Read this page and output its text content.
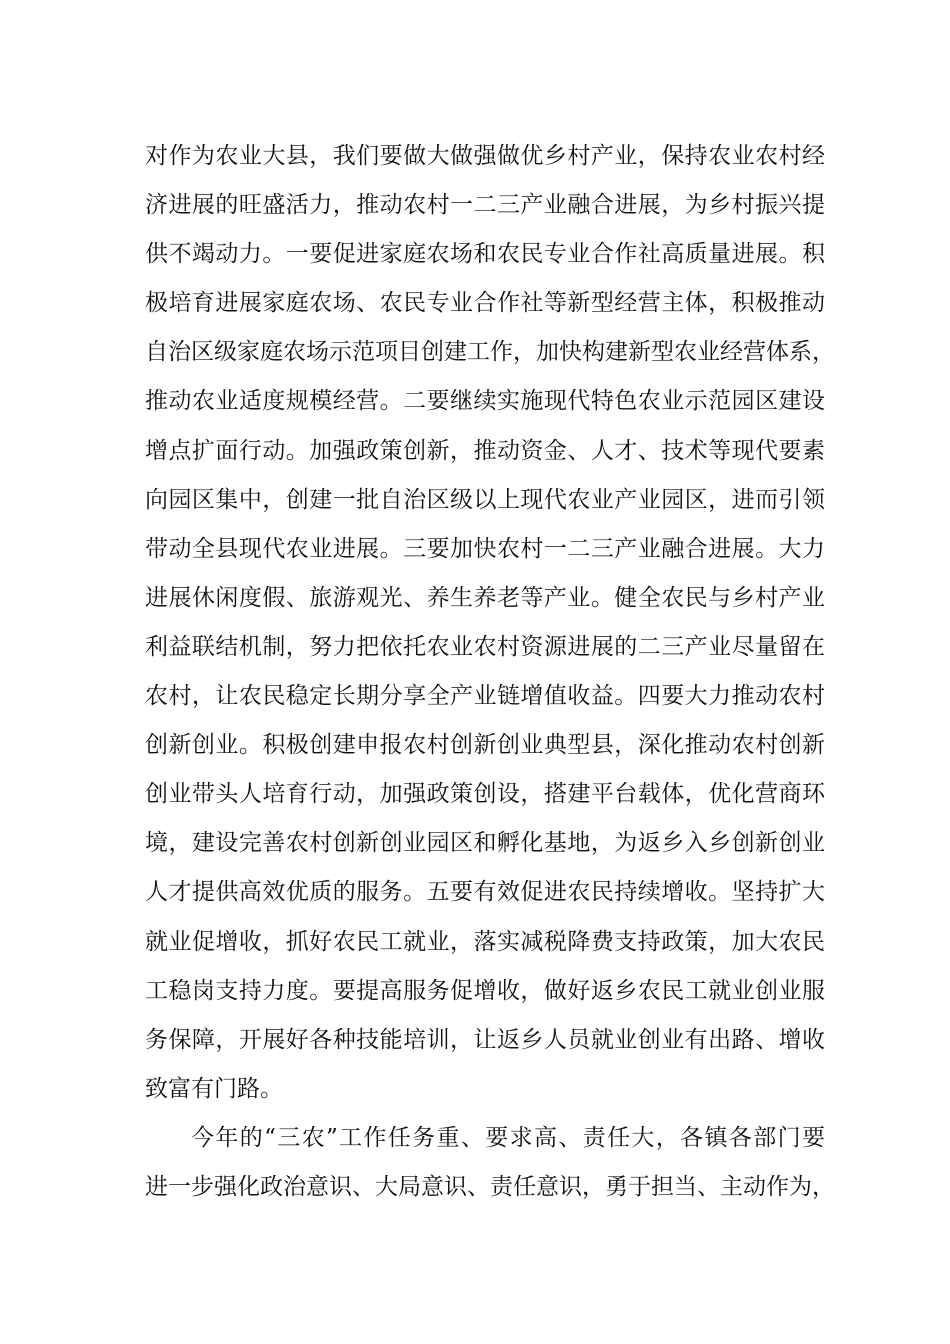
对作为农业大县，我们要做大做强做优乡村产业，保持农业农村经
济进展的旺盛活力，推动农村一二三产业融合进展，为乡村振兴提
供不竭动力。一要促进家庭农场和农民专业合作社高质量进展。积
极培育进展家庭农场、农民专业合作社等新型经营主体，积极推动
自治区级家庭农场示范项目创建工作，加快构建新型农业经营体系，
推动农业适度规模经营。二要继续实施现代特色农业示范园区建设
增点扩面行动。加强政策创新，推动资金、人才、技术等现代要素
向园区集中，创建一批自治区级以上现代农业产业园区，进而引领
带动全县现代农业进展。三要加快农村一二三产业融合进展。大力
进展休闲度假、旅游观光、养生养老等产业。健全农民与乡村产业
利益联结机制，努力把依托农业农村资源进展的二三产业尽量留在
农村，让农民稳定长期分享全产业链增值收益。四要大力推动农村
创新创业。积极创建申报农村创新创业典型县，深化推动农村创新
创业带头人培育行动，加强政策创设，搭建平台载体，优化营商环
境，建设完善农村创新创业园区和孵化基地，为返乡入乡创新创业
人才提供高效优质的服务。五要有效促进农民持续增收。坚持扩大
就业促增收，抓好农民工就业，落实减税降费支持政策，加大农民
工稳岗支持力度。要提高服务促增收，做好返乡农民工就业创业服
务保障，开展好各种技能培训，让返乡人员就业创业有出路、增收
致富有门路。
今年的“三农”工作任务重、要求高、责任大，各镇各部门要
进一步强化政治意识、大局意识、责任意识，勇于担当、主动作为，
